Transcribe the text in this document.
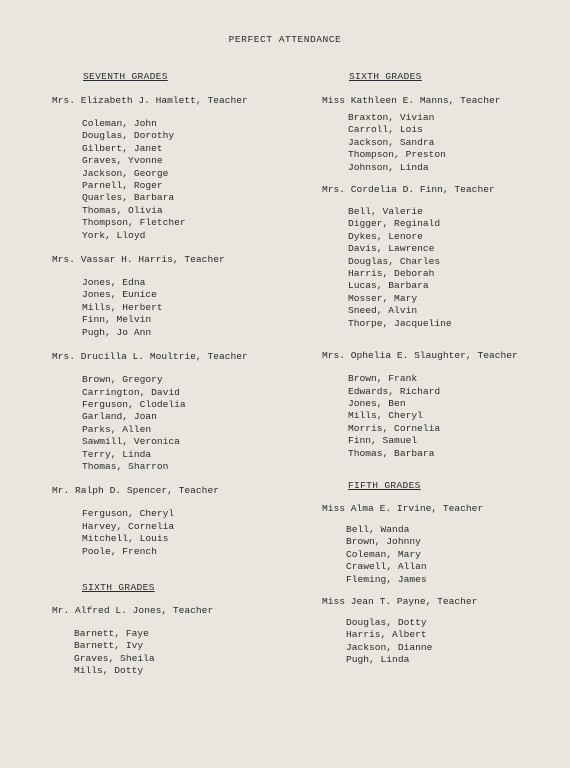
PERFECT ATTENDANCE
SEVENTH GRADES
Mrs. Elizabeth J. Hamlett, Teacher
Coleman, John
Douglas, Dorothy
Gilbert, Janet
Graves, Yvonne
Jackson, George
Parnell, Roger
Quarles, Barbara
Thomas, Olivia
Thompson, Fletcher
York, Lloyd
Mrs. Vassar H. Harris, Teacher
Jones, Edna
Jones, Eunice
Mills, Herbert
Finn, Melvin
Pugh, Jo Ann
Mrs. Drucilla L. Moultrie, Teacher
Brown, Gregory
Carrington, David
Ferguson, Clodelia
Garland, Joan
Parks, Allen
Sawmill, Veronica
Terry, Linda
Thomas, Sharron
Mr. Ralph D. Spencer, Teacher
Ferguson, Cheryl
Harvey, Cornelia
Mitchell, Louis
Poole, French
SIXTH GRADES
Mr. Alfred L. Jones, Teacher
Barnett, Faye
Barnett, Ivy
Graves, Sheila
Mills, Dotty
SIXTH GRADES
Miss Kathleen E. Manns, Teacher
Braxton, Vivian
Carroll, Lois
Jackson, Sandra
Thompson, Preston
Johnson, Linda
Mrs. Cordelia D. Finn, Teacher
Bell, Valerie
Digger, Reginald
Dykes, Lenore
Davis, Lawrence
Douglas, Charles
Harris, Deborah
Lucas, Barbara
Mosser, Mary
Sneed, Alvin
Thorpe, Jacqueline
Mrs. Ophelia E. Slaughter, Teacher
Brown, Frank
Edwards, Richard
Jones, Ben
Mills, Cheryl
Morris, Cornelia
Finn, Samuel
Thomas, Barbara
FIFTH GRADES
Miss Alma E. Irvine, Teacher
Bell, Wanda
Brown, Johnny
Coleman, Mary
Crawell, Allan
Fleming, James
Miss Jean T. Payne, Teacher
Douglas, Dotty
Harris, Albert
Jackson, Dianne
Pugh, Linda
